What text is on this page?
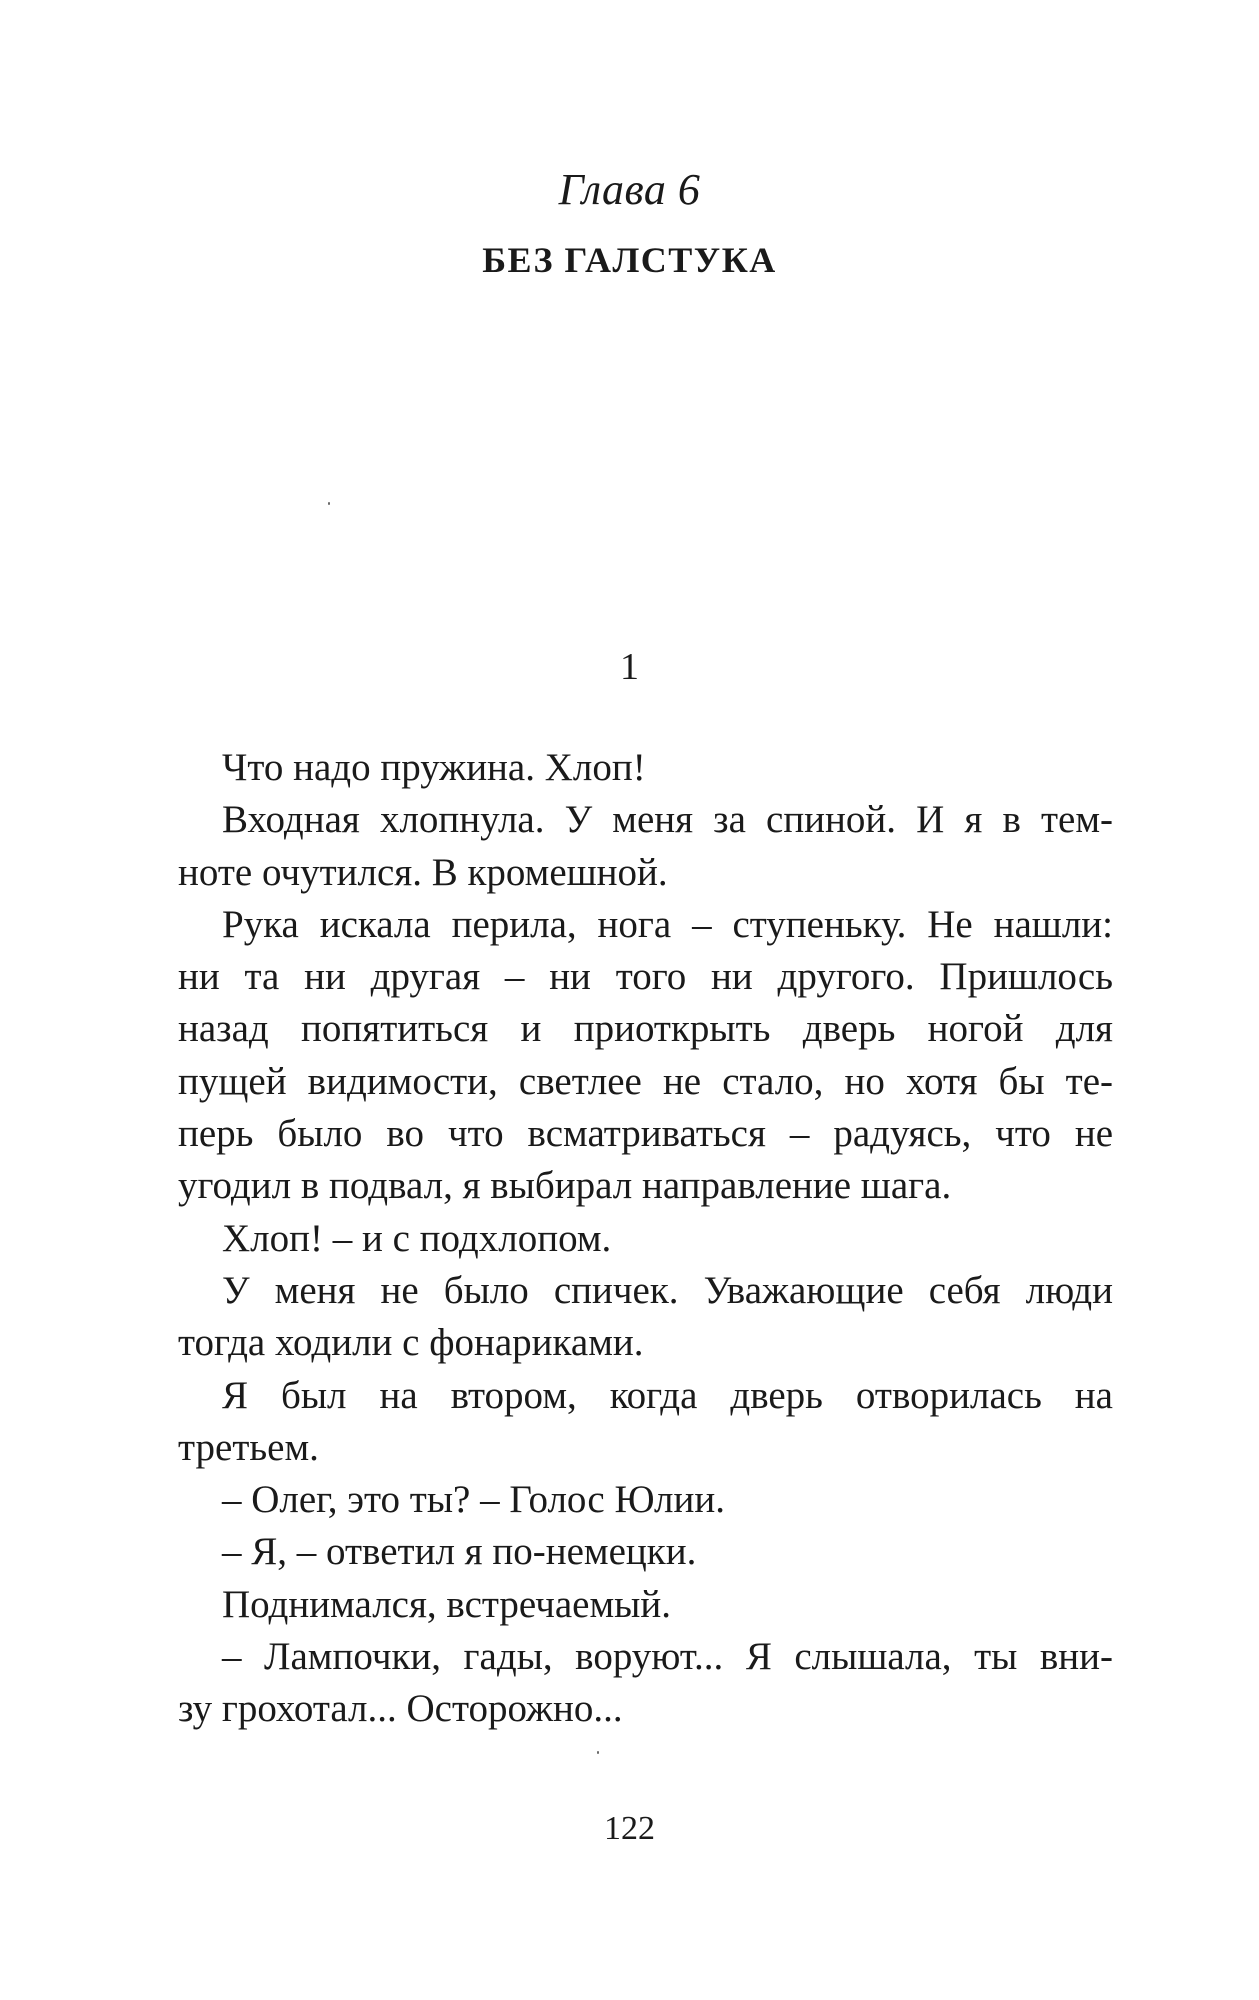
Глава 6
БЕЗ ГАЛСТУКА
1
Что надо пружина. Хлоп!
Входная хлопнула. У меня за спиной. И я в тем-
ноте очутился. В кромешной.
Рука искала перила, нога – ступеньку. Не нашли:
ни та ни другая – ни того ни другого. Пришлось
назад попятиться и приоткрыть дверь ногой для
пущей видимости, светлее не стало, но хотя бы те-
перь было во что всматриваться – радуясь, что не
угодил в подвал, я выбирал направление шага.
Хлоп! – и с подхлопом.
У меня не было спичек. Уважающие себя люди
тогда ходили с фонариками.
Я был на втором, когда дверь отворилась на
третьем.
– Олег, это ты? – Голос Юлии.
– Я, – ответил я по-немецки.
Поднимался, встречаемый.
– Лампочки, гады, воруют... Я слышала, ты вни-
зу грохотал... Осторожно...
122
